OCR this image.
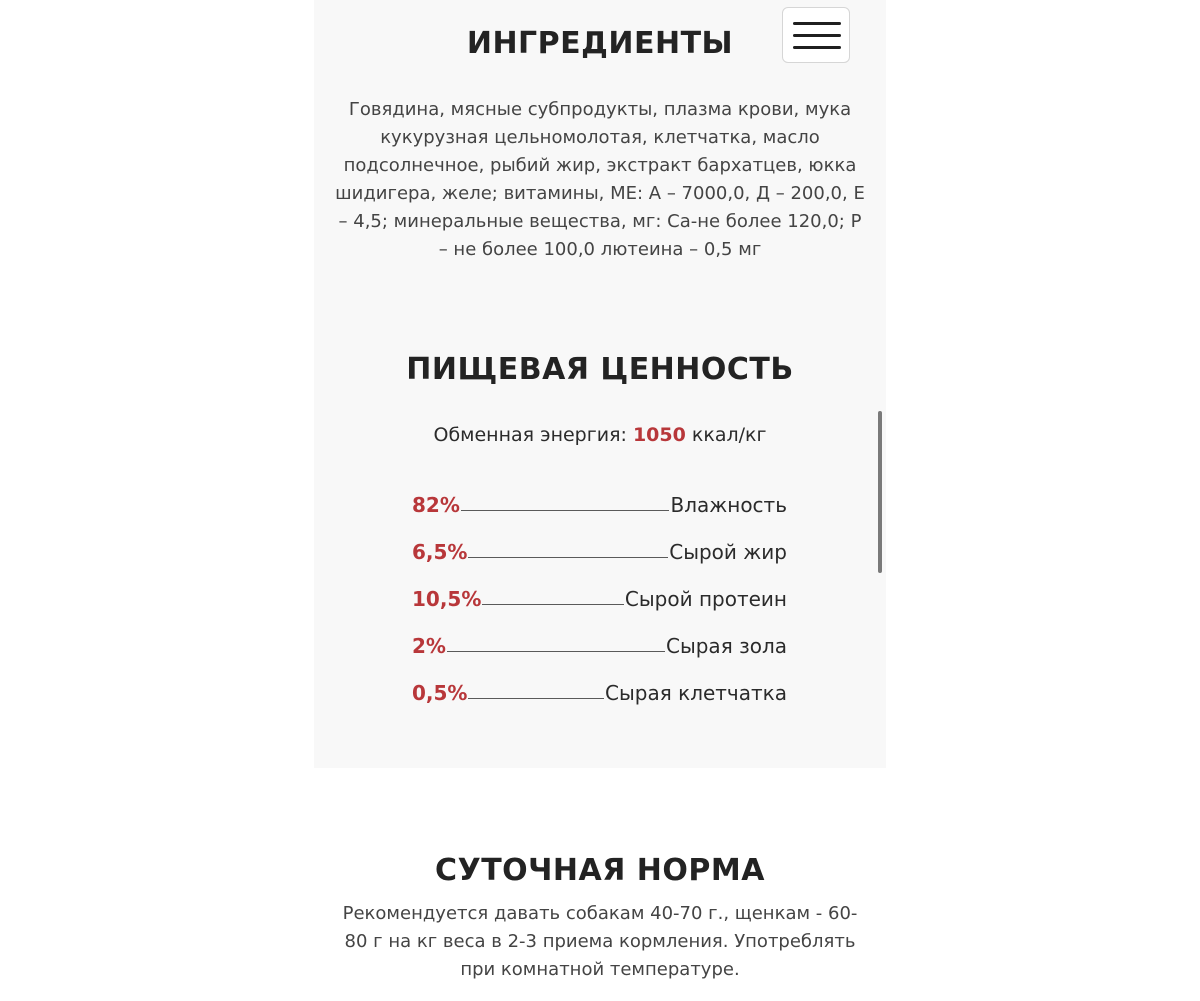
ИНГРЕДИЕНТЫ

Говядина, мясные субпродукты, плазма крови, мука кукурузная цельномолотая, клетчатка, масло подсолнечное, рыбий жир, экстракт бархатцев, юкка шидигера, желе; витамины, МЕ: А – 7000,0, Д – 200,0, Е – 4,5; минеральные вещества, мг: Са-не более 120,0; Р – не более 100,0 лютеина – 0,5 мг

ПИЩЕВАЯ ЦЕННОСТЬ
Обменная энергия: 1050 ккал/кг
82%	Влажность
6,5%	Сырой жир
10,5%	Сырой протеин
2%	Сырая зола
0,5%	Сырая клетчатка
СУТОЧНАЯ НОРМА

Рекомендуется давать собакам 40-70 г., щенкам - 60-80 г на кг веса в 2-3 приема кормления. Употреблять при комнатной температуре.
